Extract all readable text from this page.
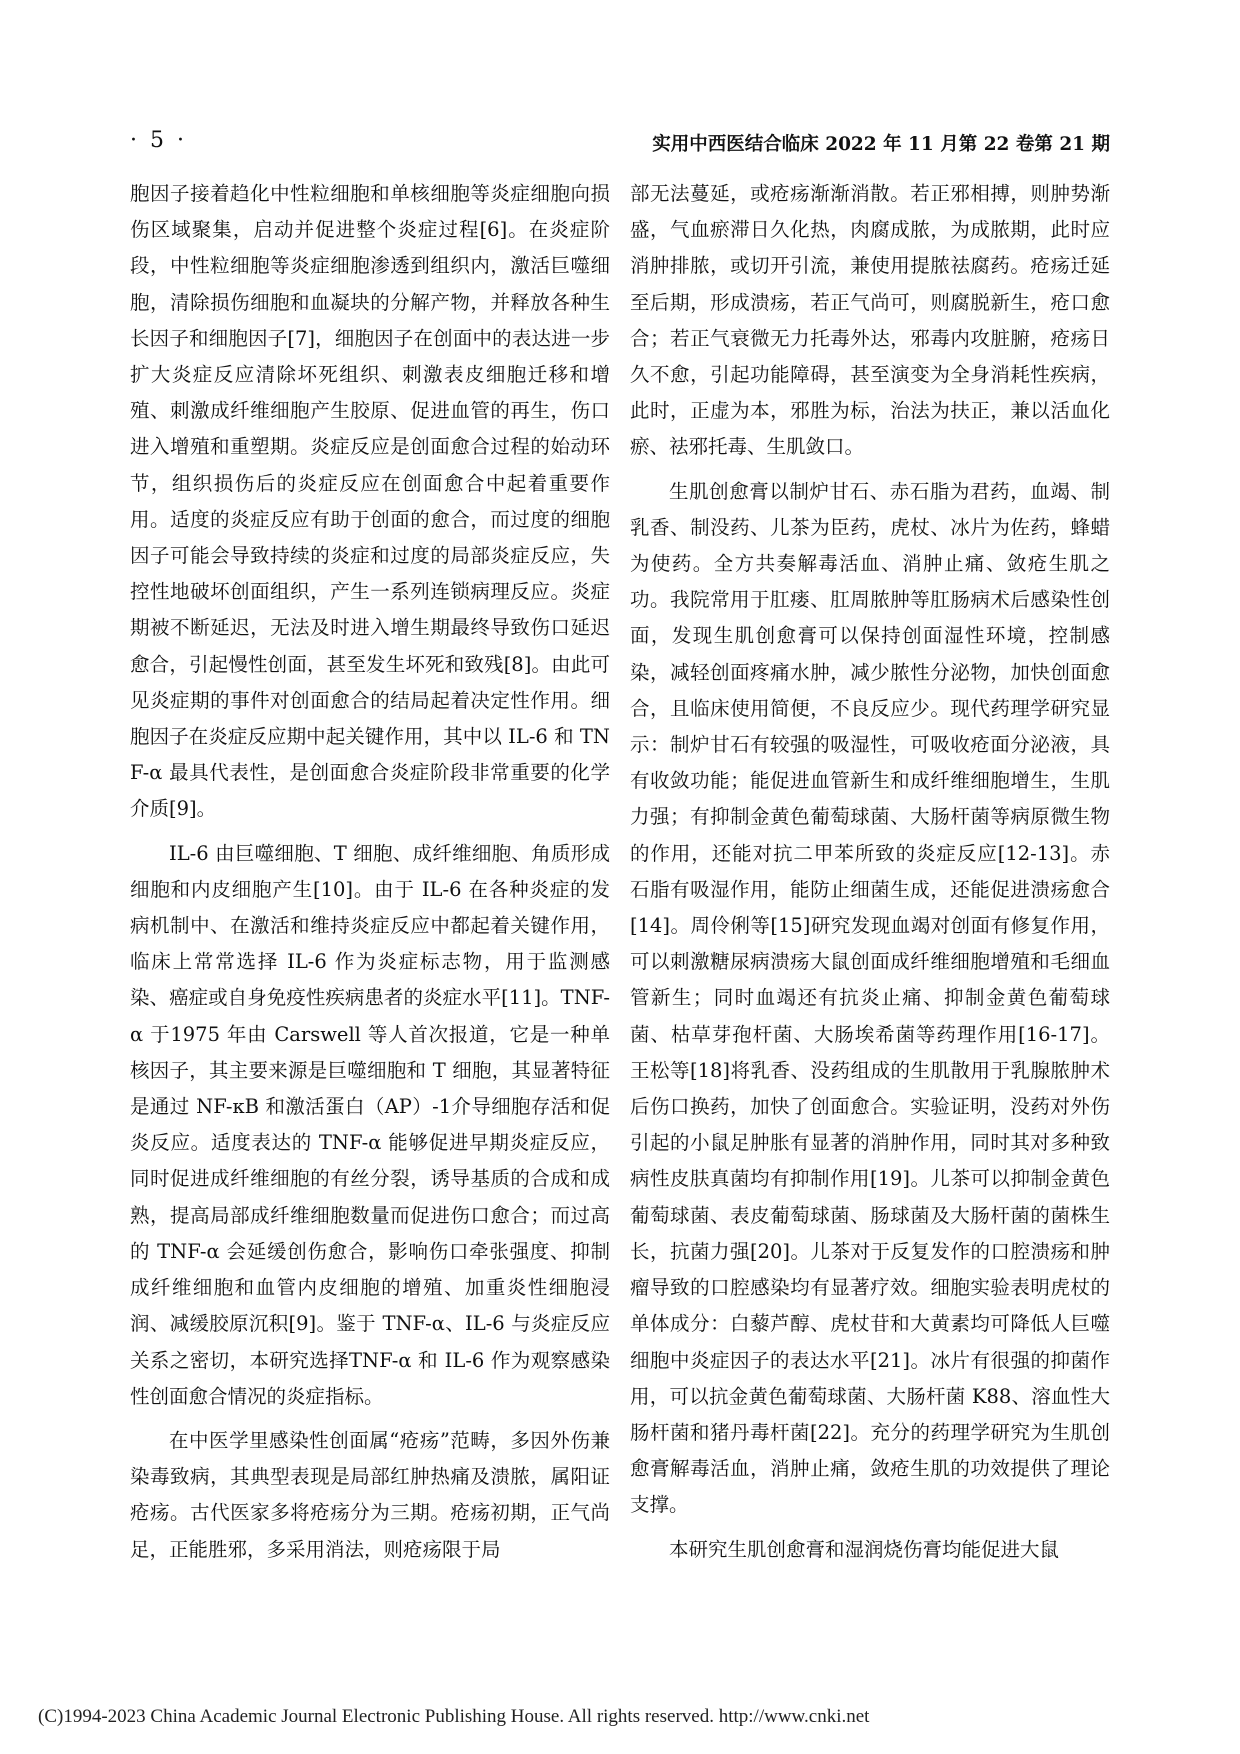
· 5 ·	实用中西医结合临床 2022 年 11 月第 22 卷第 21 期

胞因子接着趋化中性粒细胞和单核细胞等炎症细胞向损伤区域聚集，启动并促进整个炎症过程[6]。在炎症阶段，中性粒细胞等炎症细胞渗透到组织内，激活巨噬细胞，清除损伤细胞和血凝块的分解产物，并释放各种生长因子和细胞因子[7]，细胞因子在创面中的表达进一步扩大炎症反应清除坏死组织、刺激表皮细胞迁移和增殖、刺激成纤维细胞产生胶原、促进血管的再生，伤口进入增殖和重塑期。炎症反应是创面愈合过程的始动环节，组织损伤后的炎症反应在创面愈合中起着重要作用。适度的炎症反应有助于创面的愈合，而过度的细胞因子可能会导致持续的炎症和过度的局部炎症反应，失控性地破坏创面组织，产生一系列连锁病理反应。炎症期被不断延迟，无法及时进入增生期最终导致伤口延迟愈合，引起慢性创面，甚至发生坏死和致残[8]。由此可见炎症期的事件对创面愈合的结局起着决定性作用。细胞因子在炎症反应期中起关键作用，其中以 IL-6 和 TNF-α 最具代表性，是创面愈合炎症阶段非常重要的化学介质[9]。

IL-6 由巨噬细胞、T 细胞、成纤维细胞、角质形成细胞和内皮细胞产生[10]。由于 IL-6 在各种炎症的发病机制中、在激活和维持炎症反应中都起着关键作用，临床上常常选择 IL-6 作为炎症标志物，用于监测感染、癌症或自身免疫性疾病患者的炎症水平[11]。TNF-α 于1975 年由 Carswell 等人首次报道，它是一种单核因子，其主要来源是巨噬细胞和 T 细胞，其显著特征是通过 NF-κB 和激活蛋白（AP）-1介导细胞存活和促炎反应。适度表达的 TNF-α 能够促进早期炎症反应，同时促进成纤维细胞的有丝分裂，诱导基质的合成和成熟，提高局部成纤维细胞数量而促进伤口愈合；而过高的 TNF-α 会延缓创伤愈合，影响伤口牵张强度、抑制成纤维细胞和血管内皮细胞的增殖、加重炎性细胞浸润、减缓胶原沉积[9]。鉴于 TNF-α、IL-6 与炎症反应关系之密切，本研究选择TNF-α 和 IL-6 作为观察感染性创面愈合情况的炎症指标。

在中医学里感染性创面属“疮疡”范畴，多因外伤兼染毒致病，其典型表现是局部红肿热痛及溃脓，属阳证疮疡。古代医家多将疮疡分为三期。疮疡初期，正气尚足，正能胜邪，多采用消法，则疮疡限于局

部无法蔓延，或疮疡渐渐消散。若正邪相搏，则肿势渐盛，气血瘀滞日久化热，肉腐成脓，为成脓期，此时应消肿排脓，或切开引流，兼使用提脓祛腐药。疮疡迁延至后期，形成溃疡，若正气尚可，则腐脱新生，疮口愈合；若正气衰微无力托毒外达，邪毒内攻脏腑，疮疡日久不愈，引起功能障碍，甚至演变为全身消耗性疾病，此时，正虚为本，邪胜为标，治法为扶正，兼以活血化瘀、祛邪托毒、生肌敛口。

生肌创愈膏以制炉甘石、赤石脂为君药，血竭、制乳香、制没药、儿茶为臣药，虎杖、冰片为佐药，蜂蜡为使药。全方共奏解毒活血、消肿止痛、敛疮生肌之功。我院常用于肛瘘、肛周脓肿等肛肠病术后感染性创面，发现生肌创愈膏可以保持创面湿性环境，控制感染，减轻创面疼痛水肿，减少脓性分泌物，加快创面愈合，且临床使用简便，不良反应少。现代药理学研究显示：制炉甘石有较强的吸湿性，可吸收疮面分泌液，具有收敛功能；能促进血管新生和成纤维细胞增生，生肌力强；有抑制金黄色葡萄球菌、大肠杆菌等病原微生物的作用，还能对抗二甲苯所致的炎症反应[12-13]。赤石脂有吸湿作用，能防止细菌生成，还能促进溃疡愈合[14]。周伶俐等[15]研究发现血竭对创面有修复作用，可以刺激糖尿病溃疡大鼠创面成纤维细胞增殖和毛细血管新生；同时血竭还有抗炎止痛、抑制金黄色葡萄球菌、枯草芽孢杆菌、大肠埃希菌等药理作用[16-17]。王松等[18]将乳香、没药组成的生肌散用于乳腺脓肿术后伤口换药，加快了创面愈合。实验证明，没药对外伤引起的小鼠足肿胀有显著的消肿作用，同时其对多种致病性皮肤真菌均有抑制作用[19]。儿茶可以抑制金黄色葡萄球菌、表皮葡萄球菌、肠球菌及大肠杆菌的菌株生长，抗菌力强[20]。儿茶对于反复发作的口腔溃疡和肿瘤导致的口腔感染均有显著疗效。细胞实验表明虎杖的单体成分：白藜芦醇、虎杖苷和大黄素均可降低人巨噬细胞中炎症因子的表达水平[21]。冰片有很强的抑菌作用，可以抗金黄色葡萄球菌、大肠杆菌 K88、溶血性大肠杆菌和猪丹毒杆菌[22]。充分的药理学研究为生肌创愈膏解毒活血，消肿止痛，敛疮生肌的功效提供了理论支撑。

本研究生肌创愈膏和湿润烧伤膏均能促进大鼠

(C)1994-2023 China Academic Journal Electronic Publishing House. All rights reserved. http://www.cnki.net
